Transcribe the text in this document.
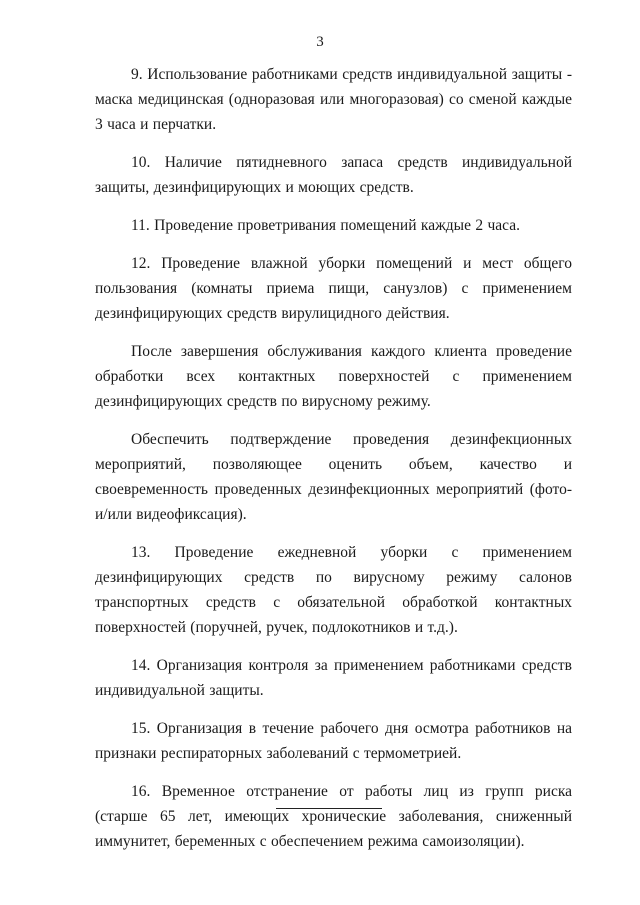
3

9. Использование работниками средств индивидуальной защиты - маска медицинская (одноразовая или многоразовая) со сменой каждые 3 часа и перчатки.

10. Наличие пятидневного запаса средств индивидуальной защиты, дезинфицирующих и моющих средств.

11. Проведение проветривания помещений каждые 2 часа.

12. Проведение влажной уборки помещений и мест общего пользования (комнаты приема пищи, санузлов) с применением дезинфицирующих средств вирулицидного действия.

После завершения обслуживания каждого клиента проведение обработки всех контактных поверхностей с применением дезинфицирующих средств по вирусному режиму.

Обеспечить подтверждение проведения дезинфекционных мероприятий, позволяющее оценить объем, качество и своевременность проведенных дезинфекционных мероприятий (фото- и/или видеофиксация).

13. Проведение ежедневной уборки с применением дезинфицирующих средств по вирусному режиму салонов транспортных средств с обязательной обработкой контактных поверхностей (поручней, ручек, подлокотников и т.д.).

14. Организация контроля за применением работниками средств индивидуальной защиты.

15. Организация в течение рабочего дня осмотра работников на признаки респираторных заболеваний с термометрией.

16. Временное отстранение от работы лиц из групп риска (старше 65 лет, имеющих хронические заболевания, сниженный иммунитет, беременных с обеспечением режима самоизоляции).
